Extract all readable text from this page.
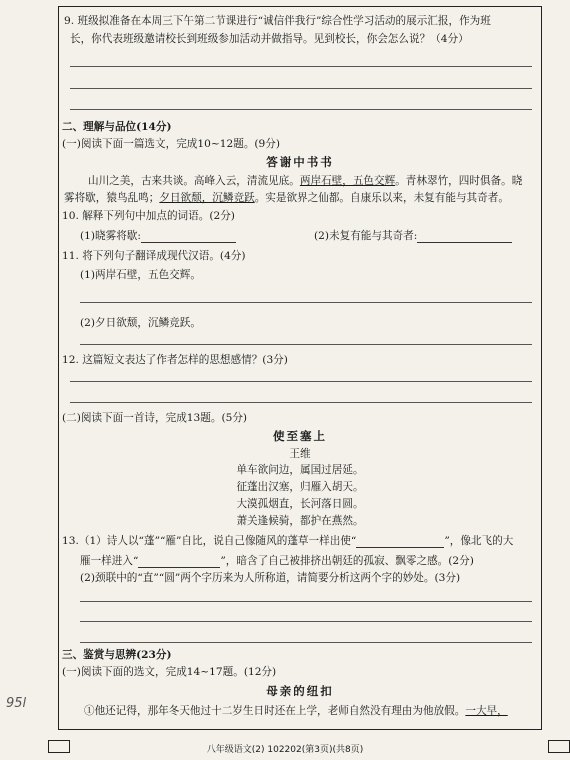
9. 班级拟准备在本周三下午第二节课进行“诚信伴我行”综合性学习活动的展示汇报，作为班
长，你代表班级邀请校长到班级参加活动并做指导。见到校长，你会怎么说？（4分）
二、理解与品位(14分)
(一)阅读下面一篇选文，完成10~12题。(9分)
答谢中书书
山川之美，古来共谈。高峰入云，清流见底。两岸石壁，五色交辉。青林翠竹，四时俱备。晓
雾将歇，猿鸟乱鸣；夕日欲颓，沉鳞竞跃。实是欲界之仙都。自康乐以来，未复有能与其奇者。
10. 解释下列句中加点的词语。(2分)
(1)晓雾将歇:	(2)未复有能与其奇者:
11. 将下列句子翻译成现代汉语。(4分)
(1)两岸石壁，五色交辉。
(2)夕日欲颓，沉鳞竞跃。
12. 这篇短文表达了作者怎样的思想感情？(3分)
(二)阅读下面一首诗，完成13题。(5分)
使至塞上
王维
单车欲问边，属国过居延。
征蓬出汉塞，归雁入胡天。
大漠孤烟直，长河落日圆。
萧关逢候骑，都护在燕然。
13.（1）诗人以“蓬”“雁”自比，说自己像随风的蓬草一样出使“	”，像北飞的大
雁一样进入“	”，暗含了自己被排挤出朝廷的孤寂、飘零之感。(2分)
(2)颈联中的“直”“圆”两个字历来为人所称道，请简要分析这两个字的妙处。(3分)
三、鉴赏与思辨(23分)
(一)阅读下面的选文，完成14~17题。(12分)
母亲的纽扣
①他还记得，那年冬天他过十二岁生日时还在上学，老师自然没有理由为他放假。一大早，
95l
八年级语文(2) 102202(第3页)(共8页)
